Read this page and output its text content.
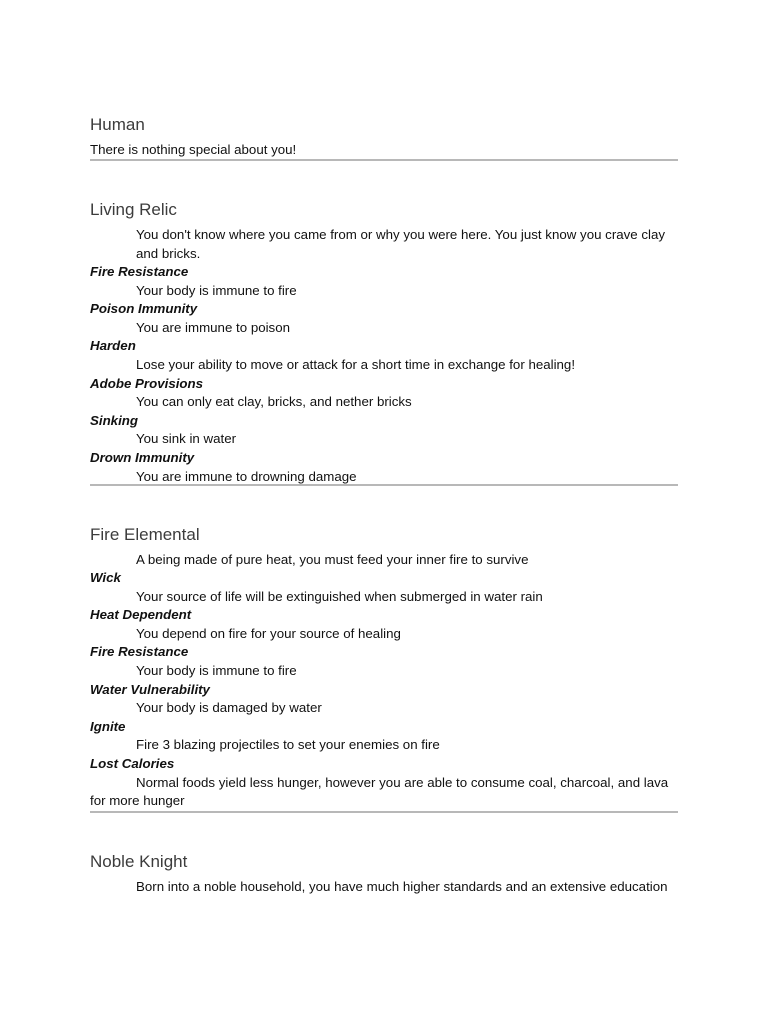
Human

There is nothing special about you!

Living Relic

You don't know where you came from or why you were here. You just know you crave clay and bricks.

Fire Resistance
Your body is immune to fire
Poison Immunity
You are immune to poison
Harden
Lose your ability to move or attack for a short time in exchange for healing!
Adobe Provisions
You can only eat clay, bricks, and nether bricks
Sinking
You sink in water
Drown Immunity
You are immune to drowning damage
Fire Elemental

A being made of pure heat, you must feed your inner fire to survive

Wick
Your source of life will be extinguished when submerged in water rain
Heat Dependent
You depend on fire for your source of healing
Fire Resistance
Your body is immune to fire
Water Vulnerability
Your body is damaged by water
Ignite
Fire 3 blazing projectiles to set your enemies on fire
Lost Calories
Normal foods yield less hunger, however you are able to consume coal, charcoal, and lava for more hunger
Noble Knight

Born into a noble household, you have much higher standards and an extensive education
